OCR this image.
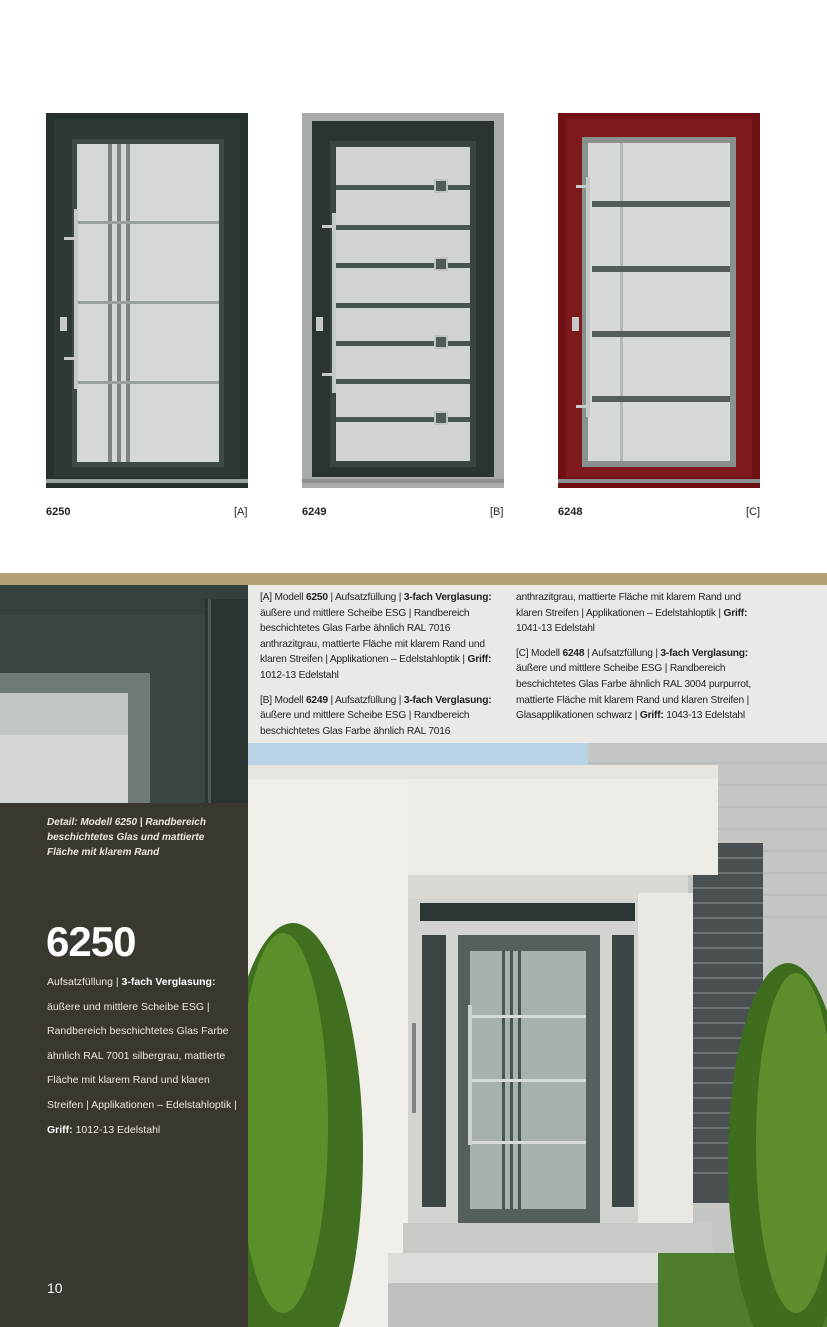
6250	[A]	6249	[B]	6248	[C]

[A] Modell 6250 | Aufsatzfüllung | 3-fach Verglasung: äußere und mittlere Scheibe ESG | Randbereich beschichtetes Glas Farbe ähnlich RAL 7016 anthrazitgrau, mattierte Fläche mit klarem Rand und klaren Streifen | Applikationen – Edelstahloptik | Griff: 1012-13 Edelstahl

[B] Modell 6249 | Aufsatzfüllung | 3-fach Verglasung: äußere und mittlere Scheibe ESG | Randbereich beschichtetes Glas Farbe ähnlich RAL 7016

anthrazitgrau, mattierte Fläche mit klarem Rand und klaren Streifen | Applikationen – Edelstahloptik | Griff: 1041-13 Edelstahl

[C] Modell 6248 | Aufsatzfüllung | 3-fach Verglasung: äußere und mittlere Scheibe ESG | Randbereich beschichtetes Glas Farbe ähnlich RAL 3004 purpurrot, mattierte Fläche mit klarem Rand und klaren Streifen | Glasapplikationen schwarz | Griff: 1043-13 Edelstahl

Detail: Modell 6250 | Randbereich beschichtetes Glas und mattierte Fläche mit klarem Rand
6250
Aufsatzfüllung | 3-fach Verglasung: äußere und mittlere Scheibe ESG | Randbereich beschichtetes Glas Farbe ähnlich RAL 7001 silbergrau, mattierte Fläche mit klarem Rand und klaren Streifen | Applikationen – Edelstahloptik | Griff: 1012-13 Edelstahl
10
